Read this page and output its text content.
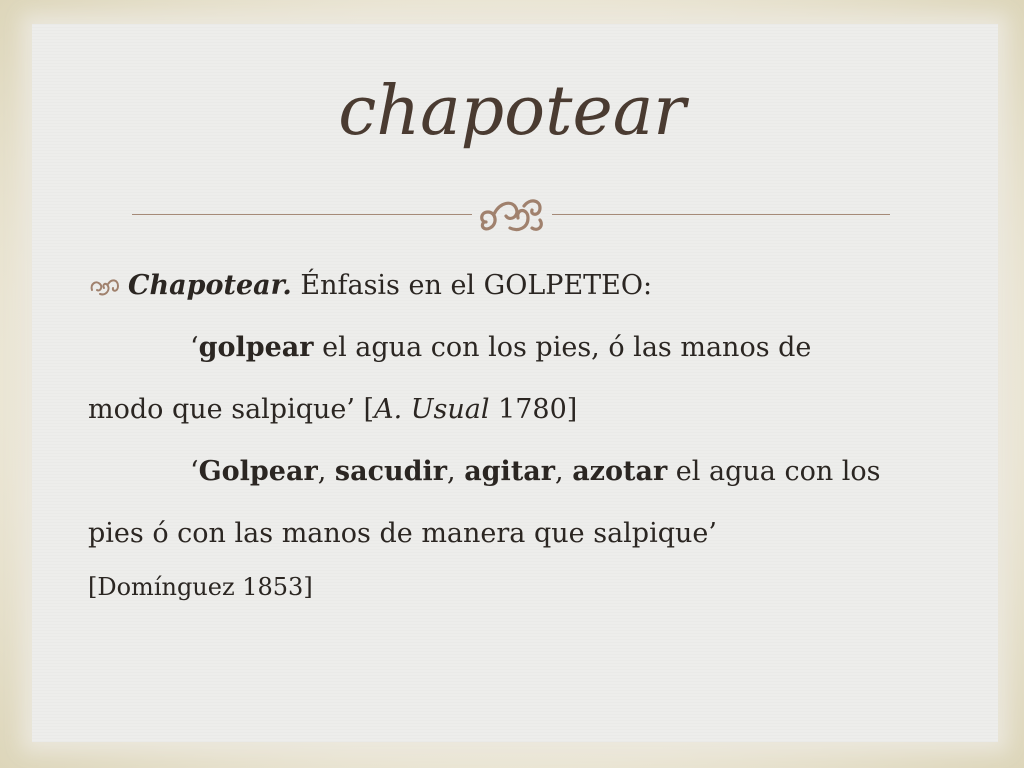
chapotear
Chapotear. Énfasis en el GOLPETEO:
‘golpear el agua con los pies, ó las manos de
modo que salpique’ [A. Usual 1780]
‘Golpear, sacudir, agitar, azotar el agua con los
pies ó con las manos de manera que salpique’
[Domínguez 1853]
